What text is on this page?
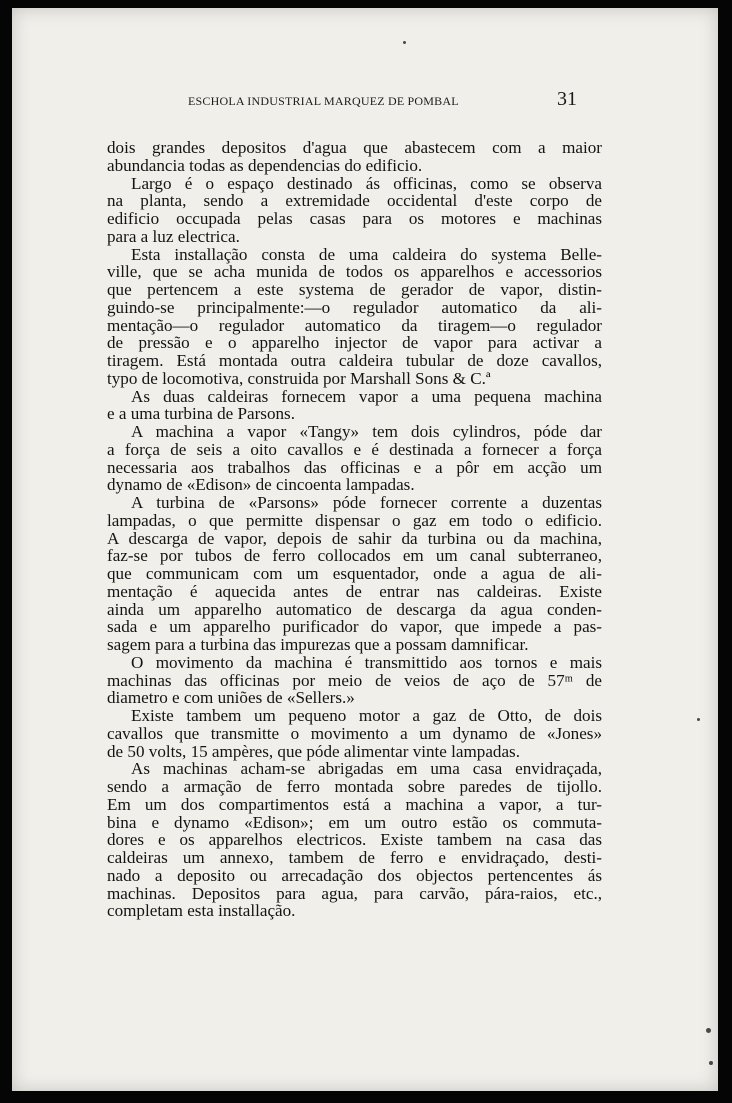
ESCHOLA INDUSTRIAL MARQUEZ DE POMBAL	31
dois grandes depositos d'agua que abastecem com a maior
abundancia todas as dependencias do edificio.
Largo é o espaço destinado ás officinas, como se observa
na planta, sendo a extremidade occidental d'este corpo de
edificio occupada pelas casas para os motores e machinas
para a luz electrica.
Esta installação consta de uma caldeira do systema Belle-
ville, que se acha munida de todos os apparelhos e accessorios
que pertencem a este systema de gerador de vapor, distin-
guindo-se principalmente:—o regulador automatico da ali-
mentação—o regulador automatico da tiragem—o regulador
de pressão e o apparelho injector de vapor para activar a
tiragem. Está montada outra caldeira tubular de doze cavallos,
typo de locomotiva, construida por Marshall Sons & C.ª
As duas caldeiras fornecem vapor a uma pequena machina
e a uma turbina de Parsons.
A machina a vapor «Tangy» tem dois cylindros, póde dar
a força de seis a oito cavallos e é destinada a fornecer a força
necessaria aos trabalhos das officinas e a pôr em acção um
dynamo de «Edison» de cincoenta lampadas.
A turbina de «Parsons» póde fornecer corrente a duzentas
lampadas, o que permitte dispensar o gaz em todo o edificio.
A descarga de vapor, depois de sahir da turbina ou da machina,
faz-se por tubos de ferro collocados em um canal subterraneo,
que communicam com um esquentador, onde a agua de ali-
mentação é aquecida antes de entrar nas caldeiras. Existe
ainda um apparelho automatico de descarga da agua conden-
sada e um apparelho purificador do vapor, que impede a pas-
sagem para a turbina das impurezas que a possam damnificar.
O movimento da machina é transmittido aos tornos e mais
machinas das officinas por meio de veios de aço de 57ᵐ de
diametro e com uniões de «Sellers.»
Existe tambem um pequeno motor a gaz de Otto, de dois
cavallos que transmitte o movimento a um dynamo de «Jones»
de 50 volts, 15 ampères, que póde alimentar vinte lampadas.
As machinas acham-se abrigadas em uma casa envidraçada,
sendo a armação de ferro montada sobre paredes de tijollo.
Em um dos compartimentos está a machina a vapor, a tur-
bina e dynamo «Edison»; em um outro estão os commuta-
dores e os apparelhos electricos. Existe tambem na casa das
caldeiras um annexo, tambem de ferro e envidraçado, desti-
nado a deposito ou arrecadação dos objectos pertencentes ás
machinas. Depositos para agua, para carvão, pára-raios, etc.,
completam esta installação.
